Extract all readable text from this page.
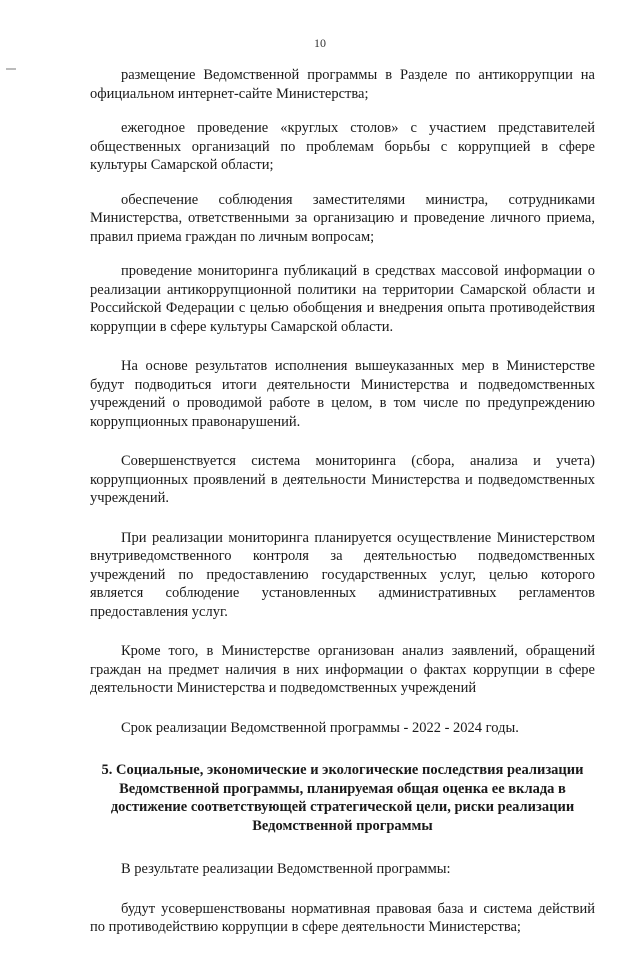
10

размещение Ведомственной программы в Разделе по антикоррупции на официальном интернет-сайте Министерства;

ежегодное проведение «круглых столов» с участием представителей общественных организаций по проблемам борьбы с коррупцией в сфере культуры Самарской области;

обеспечение соблюдения заместителями министра, сотрудниками Министерства, ответственными за организацию и проведение личного приема, правил приема граждан по личным вопросам;

проведение мониторинга публикаций в средствах массовой информации о реализации антикоррупционной политики на территории Самарской области и Российской Федерации с целью обобщения и внедрения опыта противодействия коррупции в сфере культуры Самарской области.

На основе результатов исполнения вышеуказанных мер в Министерстве будут подводиться итоги деятельности Министерства и подведомственных учреждений о проводимой работе в целом, в том числе по предупреждению коррупционных правонарушений.

Совершенствуется система мониторинга (сбора, анализа и учета) коррупционных проявлений в деятельности Министерства и подведомственных учреждений.

При реализации мониторинга планируется осуществление Министерством внутриведомственного контроля за деятельностью подведомственных учреждений по предоставлению государственных услуг, целью которого является соблюдение установленных административных регламентов предоставления услуг.

Кроме того, в Министерстве организован анализ заявлений, обращений граждан на предмет наличия в них информации о фактах коррупции в сфере деятельности Министерства и подведомственных учреждений

Срок реализации Ведомственной программы - 2022 - 2024 годы.

5. Социальные, экономические и экологические последствия реализации Ведомственной программы, планируемая общая оценка ее вклада в достижение соответствующей стратегической цели, риски реализации Ведомственной программы

В результате реализации Ведомственной программы:

будут усовершенствованы нормативная правовая база и система действий по противодействию коррупции в сфере деятельности Министерства;
